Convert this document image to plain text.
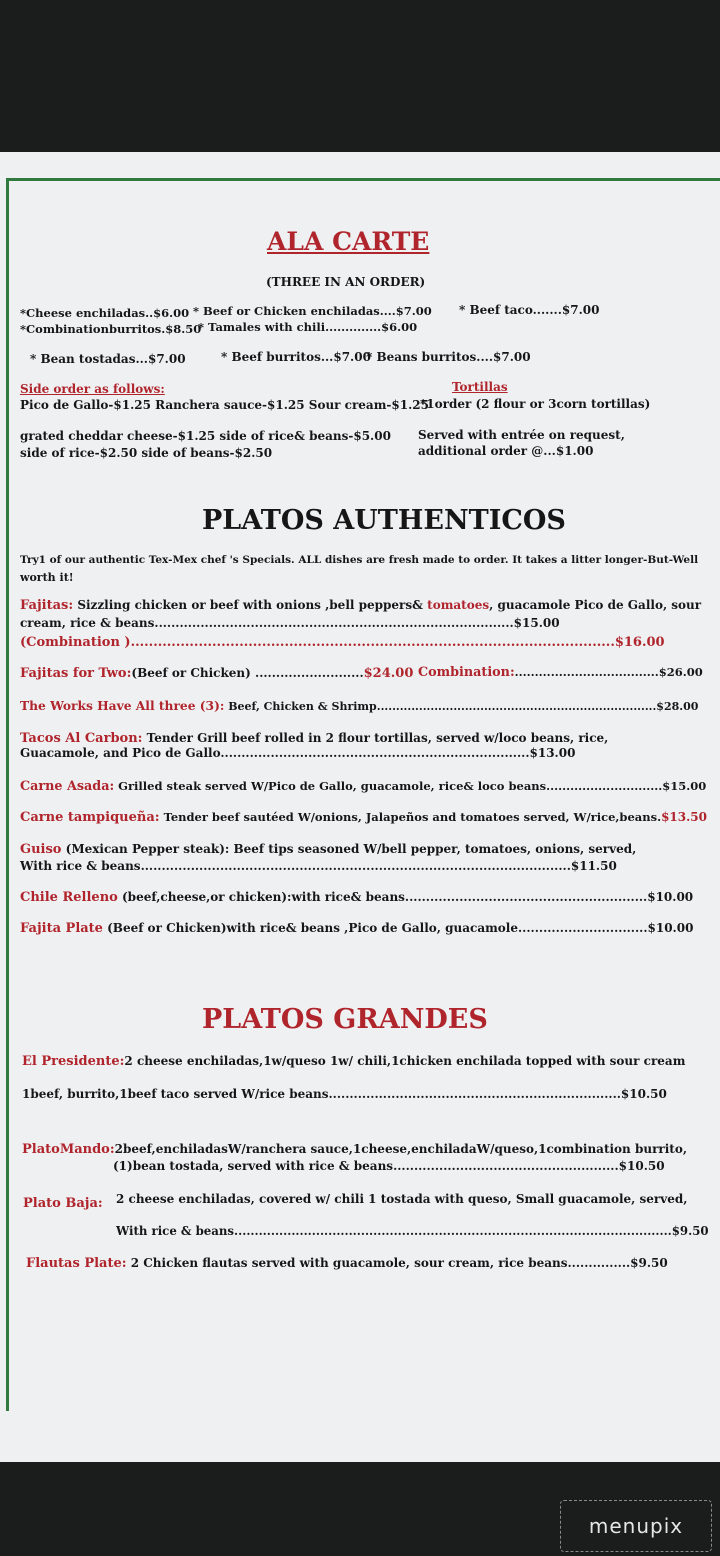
ALA CARTE
(THREE IN AN ORDER)
*Cheese enchiladas..$6.00
*Combinationburritos.$8.50
* Beef or Chicken enchiladas....$7.00
* Tamales with chili..............$6.00
* Beef taco.......$7.00
* Bean tostadas...$7.00	* Beef burritos...$7.00
* Beans burritos....$7.00
Side order as follows:
Pico de Gallo-$1.25 Ranchera sauce-$1.25 Sour cream-$1.25
grated cheddar cheese-$1.25 side of rice& beans-$5.00
side of rice-$2.50 side of beans-$2.50
Tortillas
*1order (2 flour or 3corn tortillas)
Served with entrée on request,
additional order @...$1.00
PLATOS AUTHENTICOS
Try1 of our authentic Tex-Mex chef 's Specials. ALL dishes are fresh made to order. It takes a litter longer-But-Well
worth it!
Fajitas: Sizzling chicken or beef with onions ,bell peppers& tomatoes, guacamole Pico de Gallo, sour
cream, rice & beans......................................................................................$15.00
(Combination )...........................................................................................................$16.00
Fajitas for Two:(Beef or Chicken) ..........................$24.00 Combination:....................................$26.00
The Works Have All three (3): Beef, Chicken & Shrimp.........................................................................$28.00
Tacos Al Carbon: Tender Grill beef rolled in 2 flour tortillas, served w/loco beans, rice,
Guacamole, and Pico de Gallo..........................................................................$13.00
Carne Asada: Grilled steak served W/Pico de Gallo, guacamole, rice& loco beans.............................$15.00
Carne tampiqueña: Tender beef sautéed W/onions, Jalapeños and tomatoes served, W/rice,beans.$13.50
Guiso (Mexican Pepper steak): Beef tips seasoned W/bell pepper, tomatoes, onions, served,
With rice & beans.......................................................................................................$11.50
Chile Relleno (beef,cheese,or chicken):with rice& beans..........................................................$10.00
Fajita Plate (Beef or Chicken)with rice& beans ,Pico de Gallo, guacamole...............................$10.00
PLATOS GRANDES
El Presidente:2 cheese enchiladas,1w/queso 1w/ chili,1chicken enchilada topped with sour cream
1beef, burrito,1beef taco served W/rice beans......................................................................$10.50
PlatoMando:2beef,enchiladasW/ranchera sauce,1cheese,enchiladaW/queso,1combination burrito,
(1)bean tostada, served with rice & beans......................................................$10.50
Plato Baja: 2 cheese enchiladas, covered w/ chili 1 tostada with queso, Small guacamole, served,
With rice & beans...........................................................................................................$9.50
Flautas Plate: 2 Chicken flautas served with guacamole, sour cream, rice beans...............$9.50
menupix
